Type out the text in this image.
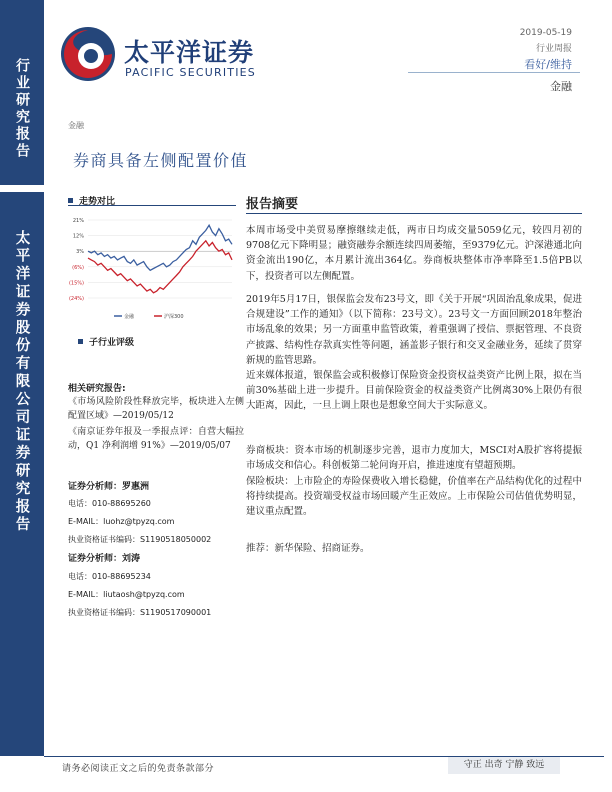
行业研究报告
太平洋证券股份有限公司证券研究报告
太平洋证券
PACIFIC SECURITIES
2019-05-19
行业周报
看好/维持
金融
金融
券商具备左侧配置价值
走势对比
21%
12%
3%
(6%)
(15%)
(24%)
金融	沪深300
子行业评级
相关研究报告:
《市场风险阶段性释放完毕，板块进入左侧配置区域》—2019/05/12
《南京证券年报及一季报点评：自营大幅拉动，Q1 净利润增 91%》—2019/05/07
证券分析师：罗惠洲
电话：010-88695260
E-MAIL：luohz@tpyzq.com
执业资格证书编码：S1190518050002
证券分析师：刘涛
电话：010-88695234
E-MAIL：liutaosh@tpyzq.com
执业资格证书编码：S1190517090001
报告摘要
本周市场受中美贸易摩擦继续走低，两市日均成交量5059亿元，较四月初的9708亿元下降明显；融资融券余额连续四周萎缩，至9379亿元。沪深港通北向资金流出190亿，本月累计流出364亿。券商板块整体市净率降至1.5倍PB以下，投资者可以左侧配置。
2019年5月17日，银保监会发布23号文，即《关于开展“巩固治乱象成果，促进合规建设”工作的通知》（以下简称：23号文）。23号文一方面回顾2018年整治市场乱象的效果；另一方面重申监管政策，着重强调了授信、票据管理、不良资产披露、结构性存款真实性等问题，涵盖影子银行和交叉金融业务，延续了贯穿新规的监管思路。
近来媒体报道，银保监会或积极修订保险资金投资权益类资产比例上限，拟在当前30%基础上进一步提升。目前保险资金的权益类资产比例离30%上限仍有很大距离，因此，一旦上调上限也是想象空间大于实际意义。
券商板块：资本市场的机制逐步完善，退市力度加大，MSCI对A股扩容将提振市场成交和信心。科创板第二轮问询开启，推进速度有望超预期。
保险板块：上市险企的寿险保费收入增长稳健，价值率在产品结构优化的过程中将持续提高。投资端受权益市场回暖产生正效应。上市保险公司估值优势明显，建议重点配置。
推荐：新华保险、招商证券。
请务必阅读正文之后的免责条款部分	守正 出奇 宁静 致远
